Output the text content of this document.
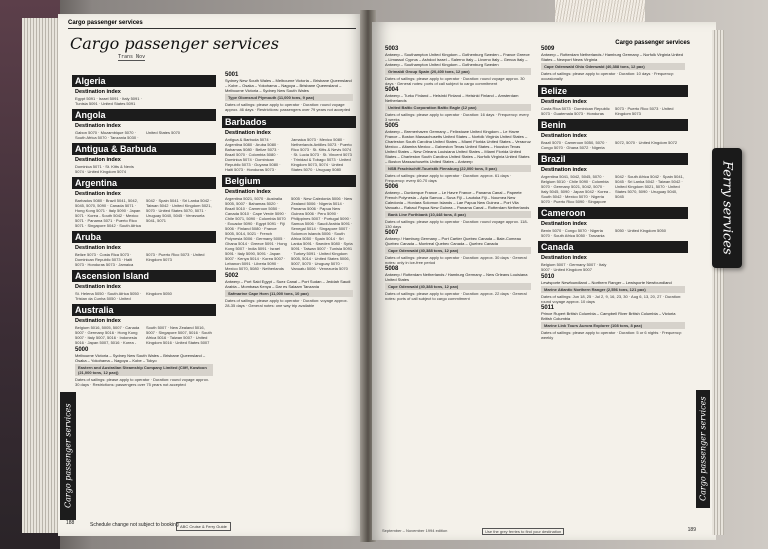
Cargo passenger services
Cargo passenger services
Trans Nov
Algeria
Destination index
Egypt 5091 · Israel 5091 · Italy 5091 · Tunisia 5091 · United States 5091
Angola
Destination index
Gabon 5070 · Mozambique 5070 · South Africa 5070 · Tanzania 5030 · United States 5070
Antigua & Barbuda
Destination index
Dominica 5071 · St. Kitts & Nevis 5074 · United Kingdom 5074
Argentina
Destination index
Barbados 5080 · Brazil 5041, 5042, 5045, 5070, 5090 · Canada 5071 · Hong Kong 5071 · Italy 5090 · Japan 5071 · Korea - South 5042 · Mexico 5071 · Panama 5071 · Puerto Rico 5071 · Singapore 5042 · South Africa 5042 · Spain 5041 · Sri Lanka 5042 · Taiwan 5042 · United Kingdom 5021, 5070 · United States 5070, 5071 · Uruguay 5040, 5045 · Venezuela 5041, 5071
Aruba
Destination index
Belize 5073 · Costa Rica 5073 · Dominican Republic 5073 · Haiti 5073 · Honduras 5073 · Jamaica 5073 · Puerto Rico 5073 · United Kingdom 5073
Ascension Island
Destination index
St. Helena 5050 · South Africa 5050 · Tristan da Cunha 5050 · United Kingdom 5050
Australia
Destination index
Belgium 5016, 5005, 5007 · Canada 5007 · Germany 5016 · Hong Kong 5007 · Italy 5007, 5016 · Indonesia 5016 · Japan 5007, 5016 · Korea - South 5007 · New Zealand 5016, 5007 · Singapore 5007, 5016 · South Africa 5016 · Taiwan 5007 · United Kingdom 5016 · United States 5007
5000
Melbourne Victoria – Sydney New South Wales – Brisbane Queensland – Osaka – Yokohama – Nagoya – Kobe – Tokyo
Eastern and Australian Steamship Company Limited (Cliff, Kowloon (21,000 tons, 12 pax))
Dates of sailings: please apply to operator · Duration: round voyage approx. 30 days · Restrictions: passengers over 75 years not accepted
5001
Sydney New South Wales – Melbourne Victoria – Brisbane Queensland – Kobe – Osaka – Yokohama – Nagoya – Brisbane Queensland – Melbourne Victoria – Sydney New South Wales
Type Glomsrud Plymouth (11,000 tons, 9 pax)
Dates of sailings: please apply to operator · Duration: round voyage approx. 46 days · Restrictions: passengers over 79 years not accepted
Barbados
Destination index
Antigua & Barbuda 5074 · Argentina 5080 · Aruba 5080 · Bahamas 5080 · Belize 5073 · Brazil 5070 · Colombia 5080 · Dominica 5074 · Dominican Republic 5073 · Guyana 5080 · Haiti 5073 · Honduras 5073 · Jamaica 5073 · Mexico 5080 · Netherlands Antilles 5073 · Puerto Rico 5073 · St. Kitts & Nevis 5074 · St. Lucia 5073 · St. Vincent 5073 · Trinidad & Tobago 5073 · United Kingdom 5073, 5074 · United States 5070 · Uruguay 5080
Belgium
Destination index
Argentina 5021, 5070 · Australia 5005, 5007 · Bahamas 5020 · Brazil 5010 · Cameroon 5050 · Canada 5010 · Cape Verde 5090 · Chile 5071, 5090 · Colombia 5070 · Ecuador 5090 · Egypt 5091 · Fiji 5006 · Finland 5080 · France 5005, 5014, 5021 · French Polynesia 5006 · Germany 5005 · Ghana 5014 · Greece 5091 · Hong Kong 5007 · India 5091 · Israel 5091 · Italy 5090, 5091 · Japan 5007 · Kenya 5014 · Korea 5007 · Lebanon 5091 · Liberia 5090 · Mexico 5070, 5080 · Netherlands 5005 · New Caledonia 5006 · New Zealand 5006 · Nigeria 5014 · Panama 5006 · Papua New Guinea 5006 · Peru 5090 · Philippines 5007 · Portugal 5090 · Samoa 5006 · Saudi Arabia 5091 · Senegal 5014 · Singapore 5007 · Solomon Islands 5006 · South Africa 5050 · Spain 5014 · Sri Lanka 5091 · Sweden 5080 · Syria 5091 · Taiwan 5007 · Tunisia 5091 · Turkey 5091 · United Kingdom 5005, 5014 · United States 5006, 5007, 5070 · Uruguay 5070 · Vanuatu 5006 · Venezuela 5070
5002
Antwerp – Port Said Egypt – Suez Canal – Port Sudan – Jeddah Saudi Arabia – Mombasa Kenya – Dar es Salaam Tanzania
Safmarine Cape Horn (11,000 tons, 10 pax)
Dates of sailings: please apply to operator · Duration: voyage approx. 28-35 days · General notes: one way trip available
Cargo passenger services
188	Schedule change not subject to booking ABC Cruise & Ferry Guide
Cargo passenger services
5003
Antwerp – Southampton United Kingdom – Gothenburg Sweden – France Greece – Limassol Cyprus – Ashdod Israel – Salerno Italy – Livorno Italy – Genoa Italy – Antwerp – Southampton United Kingdom – Gothenburg Sweden
Grimaldi Group Spain (20,400 tons, 12 pax)
Dates of sailings: please apply to operator · Duration: round voyage approx. 30 days · General notes: ports of call subject to cargo commitment
5004
Antwerp – Turku Finland – Helsinki Finland – Helsinki Finland – Amsterdam Netherlands
United Baltic Corporation Baltic Eagle (12 pax)
Dates of sailings: please apply to operator · Duration: 16 days · Frequency: every 3 weeks
5005
Antwerp – Bremerhaven Germany – Felixstowe United Kingdom – Le Havre France – Boston Massachusetts United States – Norfolk Virginia United States – Charleston South Carolina United States – Miami Florida United States – Veracruz Mexico – Altamira Mexico – Galveston Texas United States – Houston Texas United States – New Orleans Louisiana United States – Miami Florida United States – Charleston South Carolina United States – Norfolk Virginia United States – Boston Massachusetts United States – Antwerp
NSB Frachtschiff-Touristik Flensburg (22,000 tons, 5 pax)
Dates of sailings: please apply to operator · Duration: approx. 61 days · Frequency: every 60-70 days
5006
Antwerp – Dunkerque France – Le Havre France – Panama Canal – Papeete French Polynesia – Apia Samoa – Suva Fiji – Lautoka Fiji – Noumea New Caledonia – Honiara Solomon Islands – Lae Papua New Guinea – Port Vila Vanuatu – Rabaul Papua New Guinea – Panama Canal – Rotterdam Netherlands
Bank Line Forthbank (10,448 tons, 8 pax)
Dates of sailings: please apply to operator · Duration: round voyage approx. 118-130 days
5007
Antwerp / Hamburg Germany – Port Cartier Quebec Canada – Baie-Comeau Quebec Canada – Montreal Quebec Canada – Quebec Canada
Cape Odenwald (40,388 tons, 12 pax)
Dates of sailings: please apply to operator · Duration: approx. 30 days · General notes: only in ice-free period
5008
Antwerp / Rotterdam Netherlands / Hamburg Germany – New Orleans Louisiana United States
Cape Odenwald (40,388 tons, 12 pax)
Dates of sailings: please apply to operator · Duration: approx. 22 days · General notes: ports of call subject to cargo commitment
5009
Antwerp – Rotterdam Netherlands / Hamburg Germany – Norfolk Virginia United States – Newport News Virginia
Cape Odenwald Ohio Odenwald (40,388 tons, 12 pax)
Dates of sailings: please apply to operator · Duration: 10 days · Frequency: occasionally
Belize
Destination index
Costa Rica 5073 · Dominican Republic 5073 · Guatemala 5073 · Honduras 5073 · Puerto Rico 5073 · United Kingdom 5073
Benin
Destination index
Brazil 5070 · Cameroon 5050, 5070 · Congo 5070 · Ghana 5072 · Nigeria 5072, 5070 · United Kingdom 5072
Brazil
Destination index
Argentina 5041, 5042, 5045, 5070 · Belgium 5010 · Chile 5090 · Colombia 5070 · Germany 5021, 5042, 5070 · Italy 5045, 5090 · Japan 5042 · Korea - South 5042 · Mexico 5070 · Nigeria 5070 · Puerto Rico 5090 · Singapore 5042 · South Africa 5042 · Spain 5041, 5045 · Sri Lanka 5042 · Taiwan 5042 · United Kingdom 5021, 5070 · United States 5070, 5090 · Uruguay 5040, 5045
Cameroon
Destination index
Benin 5070 · Congo 5070 · Nigeria 5070 · South Africa 5050 · Tanzania 5050 · United Kingdom 5050
Canada
Destination index
Belgium 5007 · Germany 5007 · Italy 5007 · United Kingdom 5007
5010
Lewisporte Newfoundland – Northern Ranger – Lewisporte Newfoundland
Marine Atlantic Northern Ranger (2,556 tons, 121 pax)
Dates of sailings: Jun 18, 25 · Jul 2, 9, 16, 23, 30 · Aug 6, 13, 20, 27 · Duration: round voyage approx. 10 days
5011
Prince Rupert British Columbia – Campbell River British Columbia – Victoria British Columbia
Marine Link Tours Aurora Explorer (108 tons, 8 pax)
Dates of sailings: please apply to operator · Duration: 5 or 6 nights · Frequency: weekly
189
September – November 1994 edition	Use the grey ferries to find your destination
Cargo passenger services
Ferry services
